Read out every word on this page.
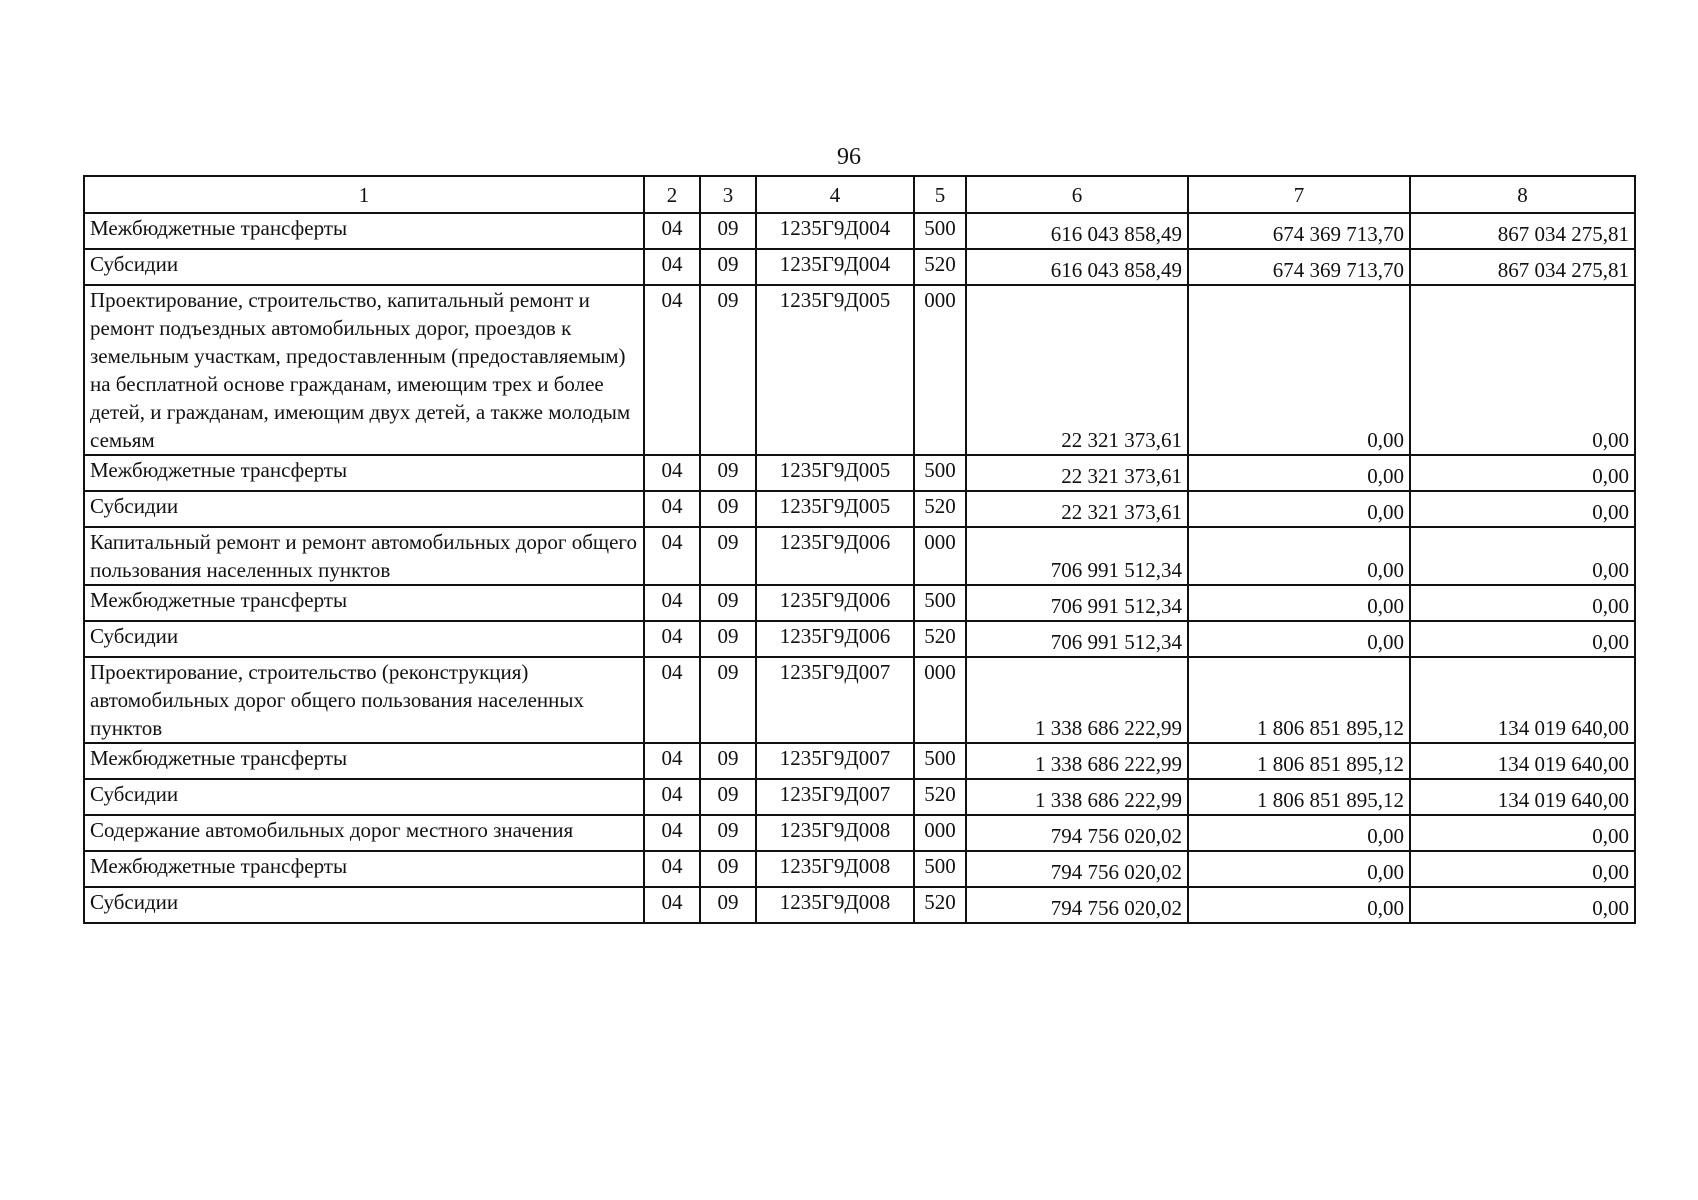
96
1	2	3	4	5	6	7	8
Межбюджетные трансферты	04	09	1235Г9Д004	500	616 043 858,49	674 369 713,70	867 034 275,81
Субсидии	04	09	1235Г9Д004	520	616 043 858,49	674 369 713,70	867 034 275,81
Проектирование, строительство, капитальный ремонт и ремонт подъездных автомобильных дорог, проездов к земельным участкам, предоставленным (предоставляемым) на бесплатной основе гражданам, имеющим трех и более детей, и гражданам, имеющим двух детей, а также молодым семьям	04	09	1235Г9Д005	000	22 321 373,61	0,00	0,00
Межбюджетные трансферты	04	09	1235Г9Д005	500	22 321 373,61	0,00	0,00
Субсидии	04	09	1235Г9Д005	520	22 321 373,61	0,00	0,00
Капитальный ремонт и ремонт автомобильных дорог общего пользования населенных пунктов	04	09	1235Г9Д006	000	706 991 512,34	0,00	0,00
Межбюджетные трансферты	04	09	1235Г9Д006	500	706 991 512,34	0,00	0,00
Субсидии	04	09	1235Г9Д006	520	706 991 512,34	0,00	0,00
Проектирование, строительство (реконструкция) автомобильных дорог общего пользования населенных пунктов	04	09	1235Г9Д007	000	1 338 686 222,99	1 806 851 895,12	134 019 640,00
Межбюджетные трансферты	04	09	1235Г9Д007	500	1 338 686 222,99	1 806 851 895,12	134 019 640,00
Субсидии	04	09	1235Г9Д007	520	1 338 686 222,99	1 806 851 895,12	134 019 640,00
Содержание автомобильных дорог местного значения	04	09	1235Г9Д008	000	794 756 020,02	0,00	0,00
Межбюджетные трансферты	04	09	1235Г9Д008	500	794 756 020,02	0,00	0,00
Субсидии	04	09	1235Г9Д008	520	794 756 020,02	0,00	0,00
